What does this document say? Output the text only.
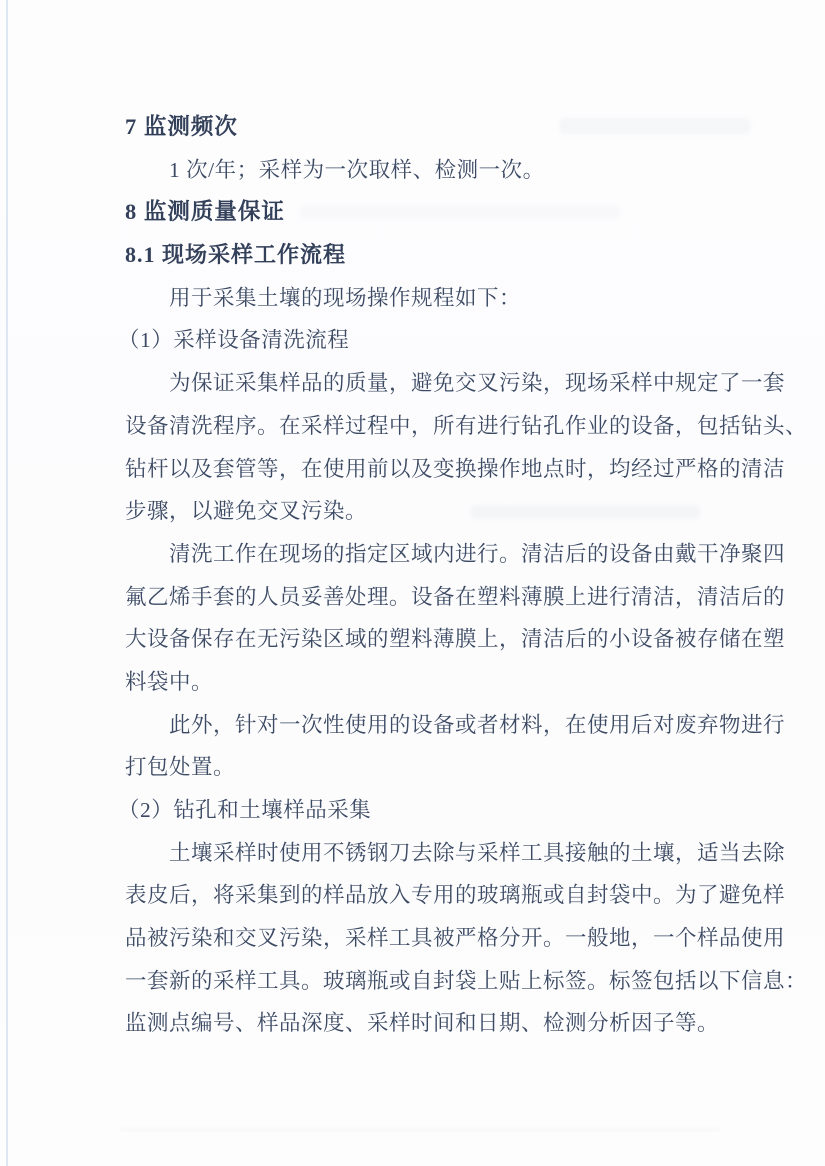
7 监测频次
1 次/年；采样为一次取样、检测一次。
8 监测质量保证
8.1 现场采样工作流程
用于采集土壤的现场操作规程如下：
（1）采样设备清洗流程
为保证采集样品的质量，避免交叉污染，现场采样中规定了一套
设备清洗程序。在采样过程中，所有进行钻孔作业的设备，包括钻头、
钻杆以及套管等，在使用前以及变换操作地点时，均经过严格的清洁
步骤，以避免交叉污染。
清洗工作在现场的指定区域内进行。清洁后的设备由戴干净聚四
氟乙烯手套的人员妥善处理。设备在塑料薄膜上进行清洁，清洁后的
大设备保存在无污染区域的塑料薄膜上，清洁后的小设备被存储在塑
料袋中。
此外，针对一次性使用的设备或者材料，在使用后对废弃物进行
打包处置。
（2）钻孔和土壤样品采集
土壤采样时使用不锈钢刀去除与采样工具接触的土壤，适当去除
表皮后，将采集到的样品放入专用的玻璃瓶或自封袋中。为了避免样
品被污染和交叉污染，采样工具被严格分开。一般地，一个样品使用
一套新的采样工具。玻璃瓶或自封袋上贴上标签。标签包括以下信息：
监测点编号、样品深度、采样时间和日期、检测分析因子等。
